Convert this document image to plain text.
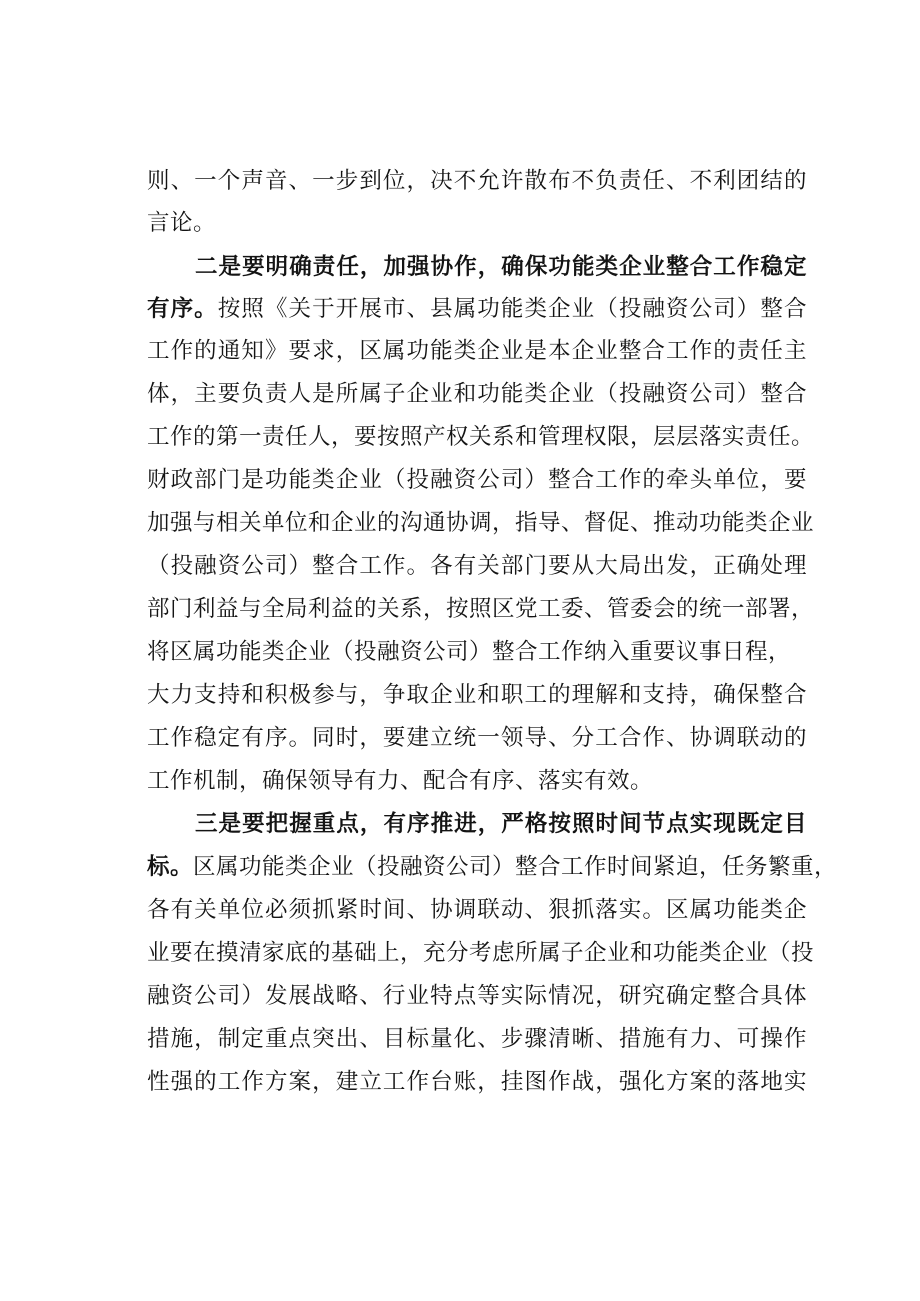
则、一个声音、一步到位，决不允许散布不负责任、不利团结的
言论。
二是要明确责任，加强协作，确保功能类企业整合工作稳定
有序。按照《关于开展市、县属功能类企业（投融资公司）整合
工作的通知》要求，区属功能类企业是本企业整合工作的责任主
体，主要负责人是所属子企业和功能类企业（投融资公司）整合
工作的第一责任人，要按照产权关系和管理权限，层层落实责任。
财政部门是功能类企业（投融资公司）整合工作的牵头单位，要
加强与相关单位和企业的沟通协调，指导、督促、推动功能类企业
（投融资公司）整合工作。各有关部门要从大局出发，正确处理
部门利益与全局利益的关系，按照区党工委、管委会的统一部署，
将区属功能类企业（投融资公司）整合工作纳入重要议事日程，
大力支持和积极参与，争取企业和职工的理解和支持，确保整合
工作稳定有序。同时，要建立统一领导、分工合作、协调联动的
工作机制，确保领导有力、配合有序、落实有效。
三是要把握重点，有序推进，严格按照时间节点实现既定目
标。区属功能类企业（投融资公司）整合工作时间紧迫，任务繁重，
各有关单位必须抓紧时间、协调联动、狠抓落实。区属功能类企
业要在摸清家底的基础上，充分考虑所属子企业和功能类企业（投
融资公司）发展战略、行业特点等实际情况，研究确定整合具体
措施，制定重点突出、目标量化、步骤清晰、措施有力、可操作
性强的工作方案，建立工作台账，挂图作战，强化方案的落地实
